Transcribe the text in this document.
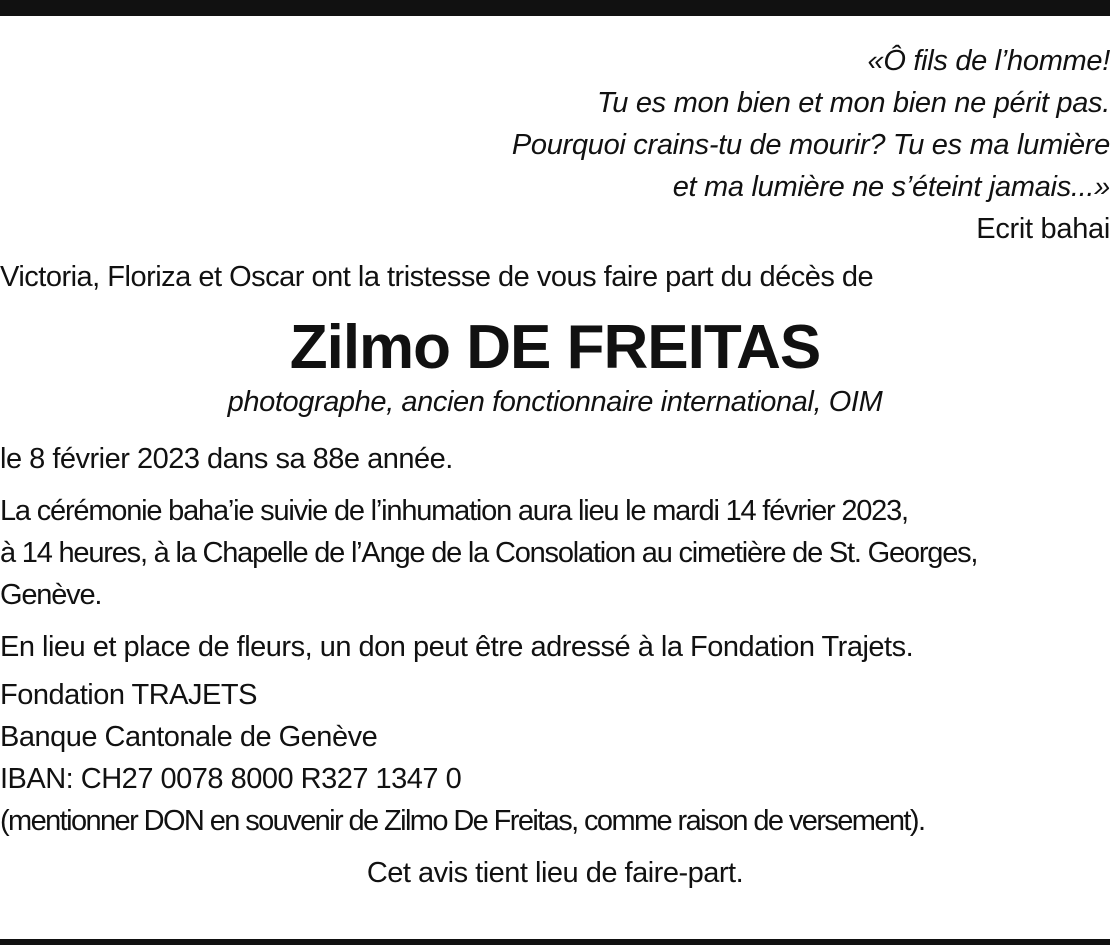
«Ô fils de l’homme!
Tu es mon bien et mon bien ne périt pas.
Pourquoi crains-tu de mourir? Tu es ma lumière
et ma lumière ne s’éteint jamais...»
Ecrit bahai
Victoria, Floriza et Oscar ont la tristesse de vous faire part du décès de
Zilmo DE FREITAS
photographe, ancien fonctionnaire international, OIM
le 8 février 2023 dans sa 88e année.
La cérémonie baha’ie suivie de l’inhumation aura lieu le mardi 14 février 2023,
à 14 heures, à la Chapelle de l’Ange de la Consolation au cimetière de St. Georges,
Genève.
En lieu et place de fleurs, un don peut être adressé à la Fondation Trajets.
Fondation TRAJETS
Banque Cantonale de Genève
IBAN: CH27 0078 8000 R327 1347 0
(mentionner DON en souvenir de Zilmo De Freitas, comme raison de versement).
Cet avis tient lieu de faire-part.
